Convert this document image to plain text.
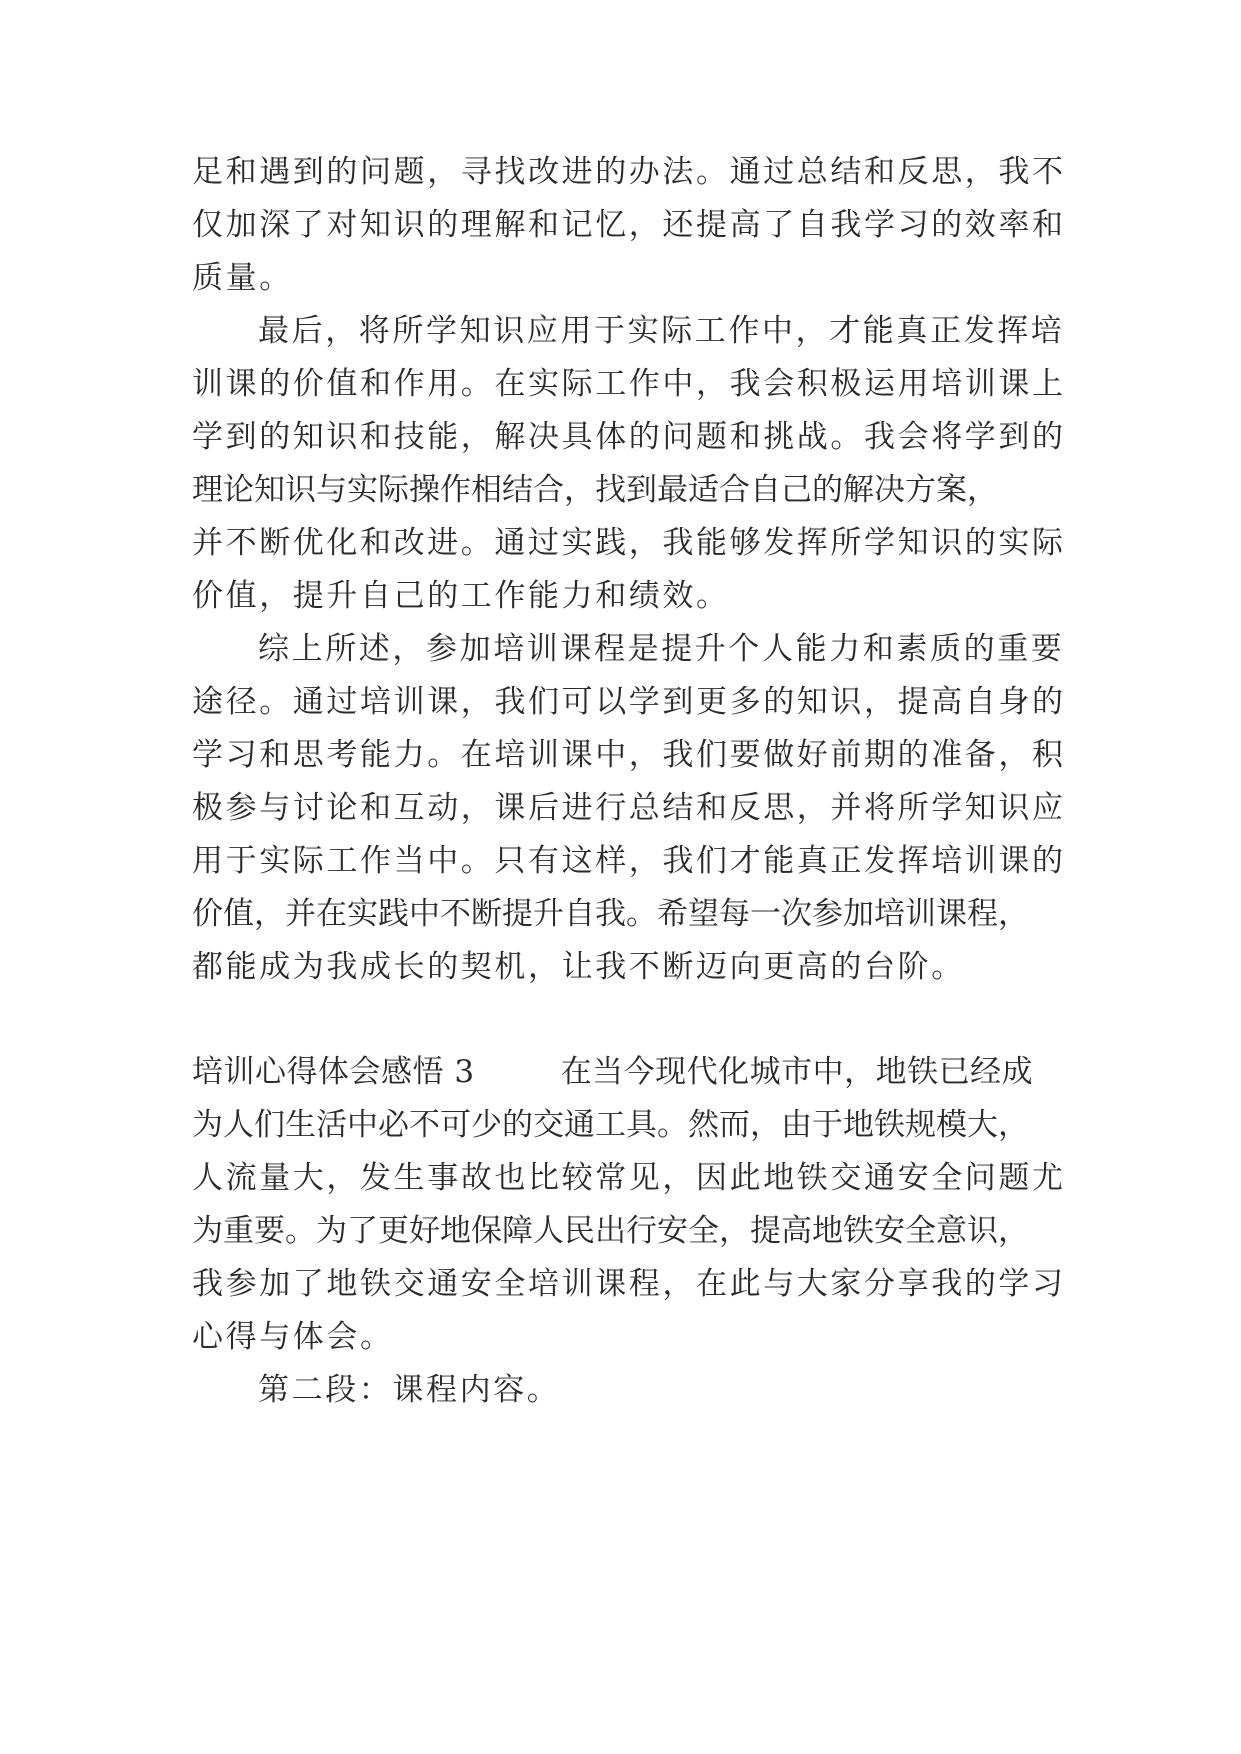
足和遇到的问题，寻找改进的办法。通过总结和反思，我不
仅加深了对知识的理解和记忆，还提高了自我学习的效率和
质量。
最后，将所学知识应用于实际工作中，才能真正发挥培
训课的价值和作用。在实际工作中，我会积极运用培训课上
学到的知识和技能，解决具体的问题和挑战。我会将学到的
理论知识与实际操作相结合，找到最适合自己的解决方案，
并不断优化和改进。通过实践，我能够发挥所学知识的实际
价值，提升自己的工作能力和绩效。
综上所述，参加培训课程是提升个人能力和素质的重要
途径。通过培训课，我们可以学到更多的知识，提高自身的
学习和思考能力。在培训课中，我们要做好前期的准备，积
极参与讨论和互动，课后进行总结和反思，并将所学知识应
用于实际工作当中。只有这样，我们才能真正发挥培训课的
价值，并在实践中不断提升自我。希望每一次参加培训课程，
都能成为我成长的契机，让我不断迈向更高的台阶。
培训心得体会感悟 3	在当今现代化城市中，地铁已经成
为人们生活中必不可少的交通工具。然而，由于地铁规模大，
人流量大，发生事故也比较常见，因此地铁交通安全问题尤
为重要。为了更好地保障人民出行安全，提高地铁安全意识，
我参加了地铁交通安全培训课程，在此与大家分享我的学习
心得与体会。
第二段：课程内容。
